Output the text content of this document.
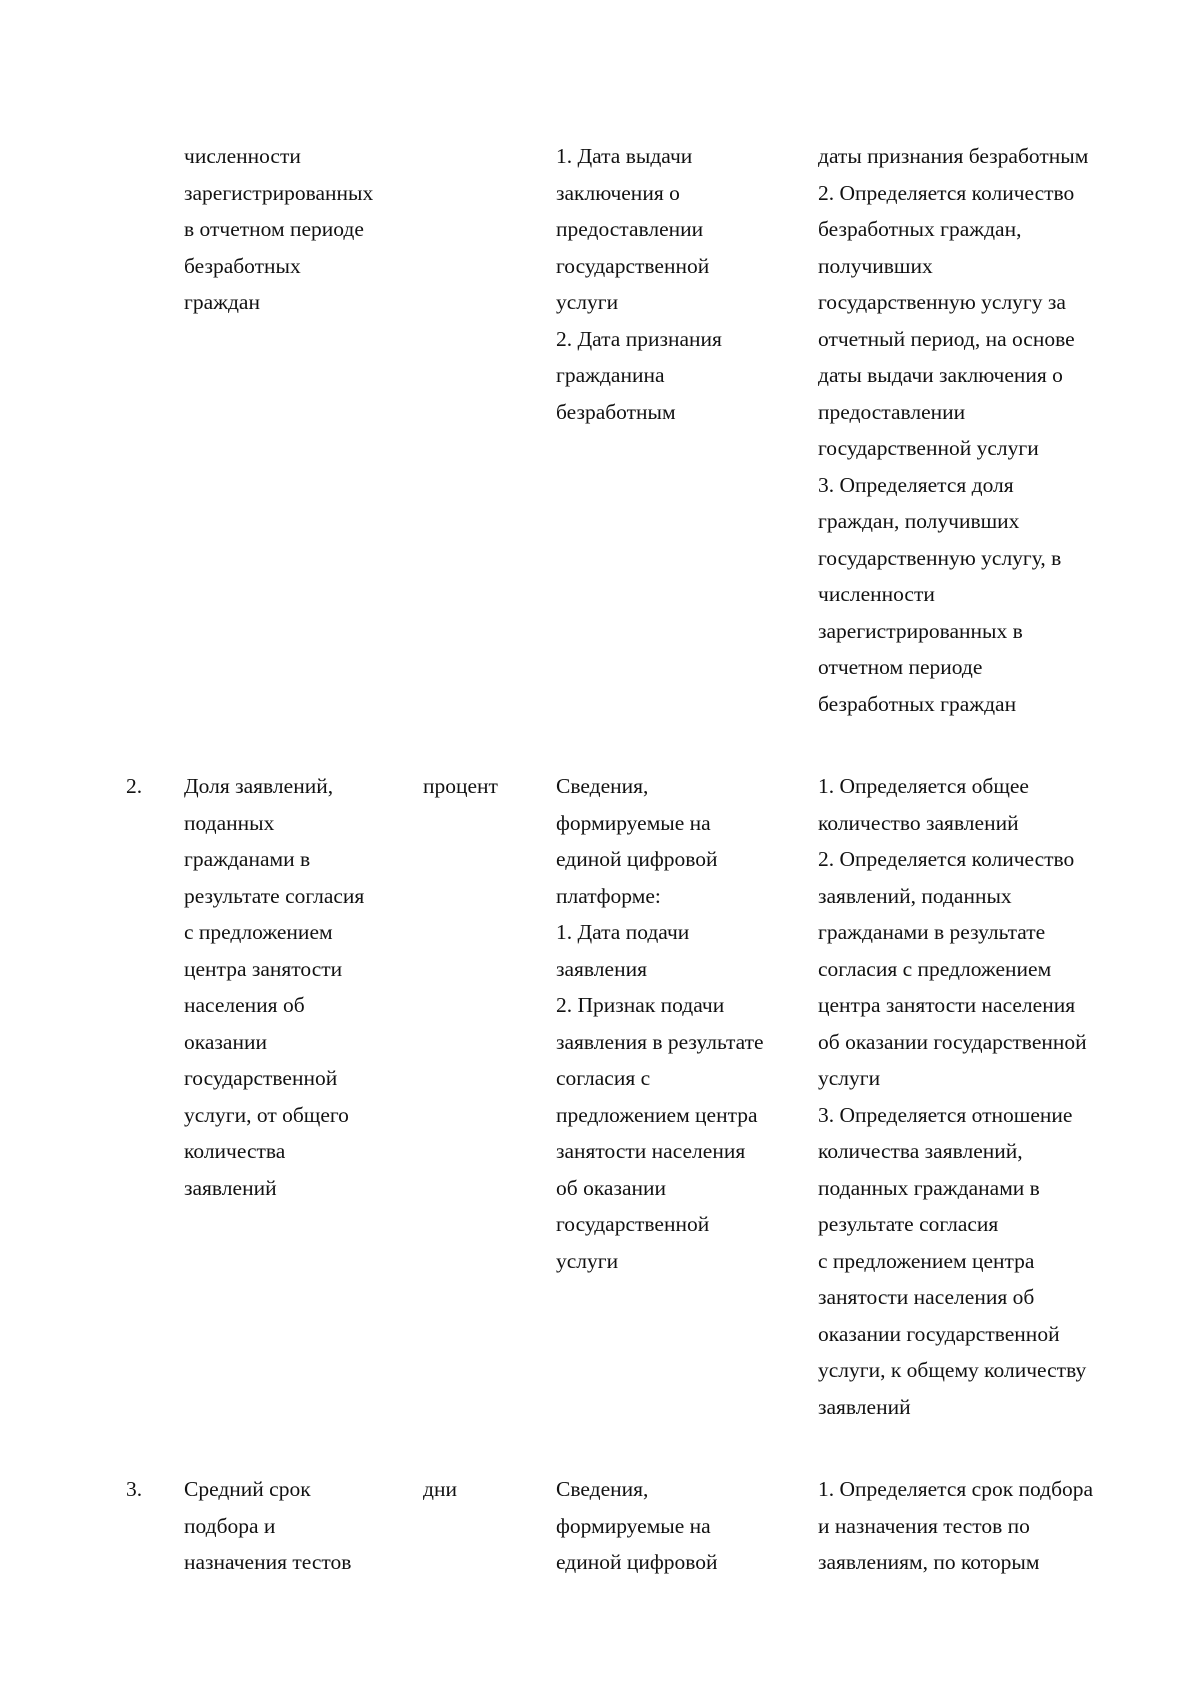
численности
зарегистрированных
в отчетном периоде
безработных
граждан
1. Дата выдачи
заключения о
предоставлении
государственной
услуги
2. Дата признания
гражданина
безработным
даты признания безработным
2. Определяется количество
безработных граждан,
получивших
государственную услугу за
отчетный период, на основе
даты выдачи заключения о
предоставлении
государственной услуги
3. Определяется доля
граждан, получивших
государственную услугу, в
численности
зарегистрированных в
отчетном периоде
безработных граждан
2. Доля заявлений,
поданных
гражданами в
результате согласия
с предложением
центра занятости
населения об
оказании
государственной
услуги, от общего
количества
заявлений
процент	Сведения,
формируемые на
единой цифровой
платформе:
1. Дата подачи
заявления
2. Признак подачи
заявления в результате
согласия с
предложением центра
занятости населения
об оказании
государственной
услуги
1. Определяется общее
количество заявлений
2. Определяется количество
заявлений, поданных
гражданами в результате
согласия с предложением
центра занятости населения
об оказании государственной
услуги
3. Определяется отношение
количества заявлений,
поданных гражданами в
результате согласия
с предложением центра
занятости населения об
оказании государственной
услуги, к общему количеству
заявлений
3. Средний срок
подбора и
назначения тестов
дни	Сведения,
формируемые на
единой цифровой
1. Определяется срок подбора
и назначения тестов по
заявлениям, по которым
